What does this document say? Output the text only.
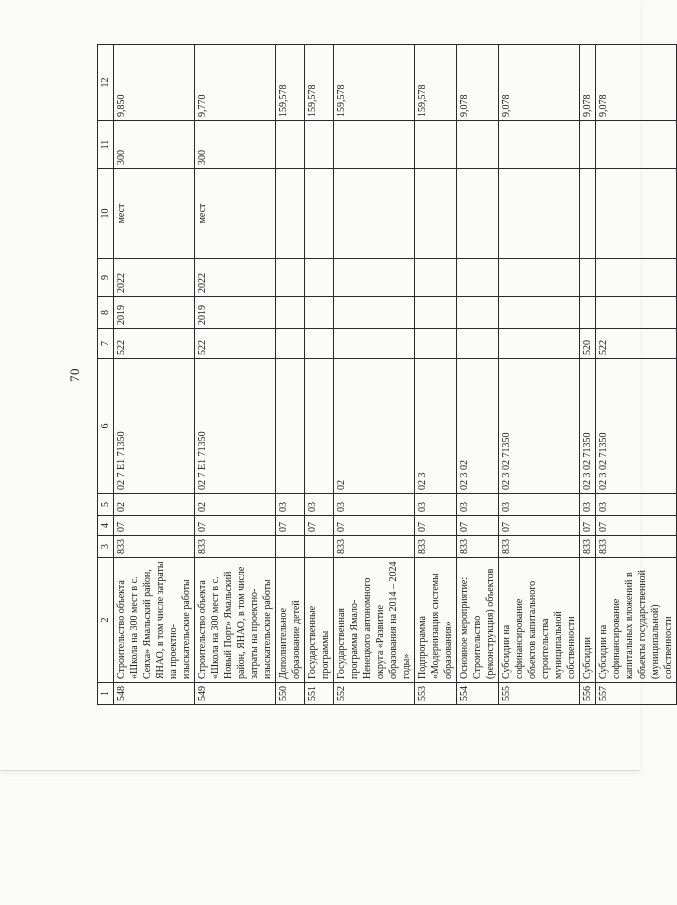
70
1	2	3	4	5	6	7	8	9	10	11	12
548	Строительство объекта «Школа на 300 мест в с. Сеяха» Ямальский район, ЯНАО, в том числе затраты на проектно-изыскательские работы	833	07	02	02 7 Е1 71350	522	2019	2022	мест	300	9,850
549	Строительство объекта «Школа на 300 мест в с. Новый Порт» Ямальский район, ЯНАО, в том числе затраты на проектно-изыскательские работы	833	07	02	02 7 Е1 71350	522	2019	2022	мест	300	9,770
550	Дополнительное образование детей		07	03							159,578
551	Государственные программы		07	03							159,578
552	Государственная программа Ямало-Ненецкого автономного округа «Развитие образования на 2014 – 2024 годы»	833	07	03	02						159,578
553	Подпрограмма «Модернизация системы образования»	833	07	03	02 3						159,578
554	Основное мероприятие: Строительство (реконструкция) объектов	833	07	03	02 3 02						9,078
555	Субсидии на софинансирование объектов капитального строительства муниципальной собственности	833	07	03	02 3 02 71350						9,078
556	Субсидии	833	07	03	02 3 02 71350	520					9,078
557	Субсидии на софинансирование капитальных вложений в объекты государственной (муниципальной) собственности	833	07	03	02 3 02 71350	522					9,078
